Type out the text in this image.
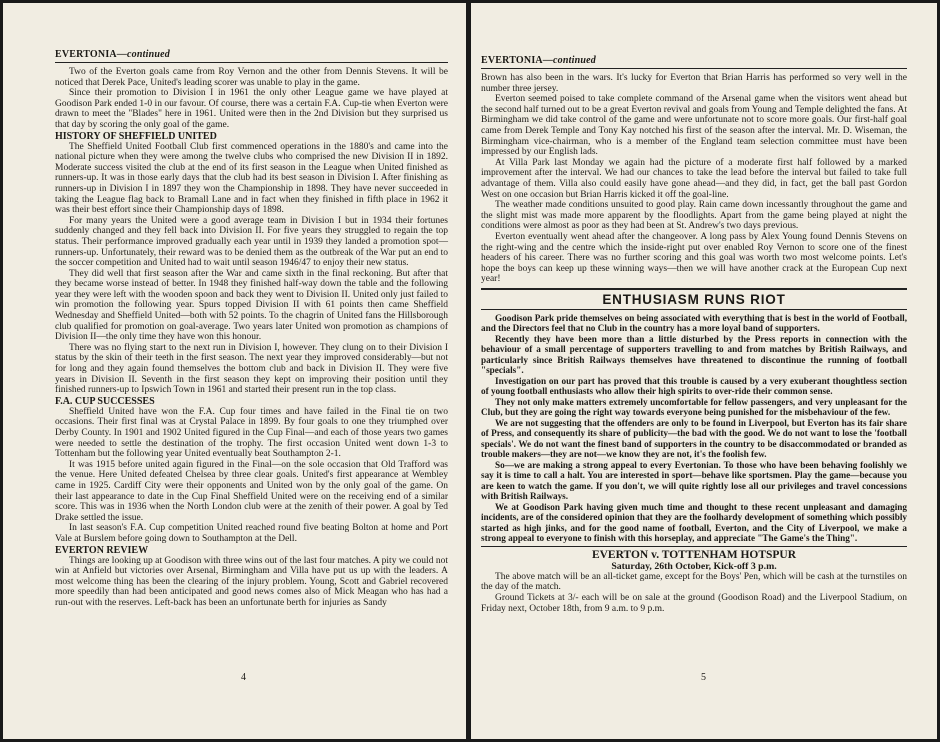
EVERTONIA—continued

Two of the Everton goals came from Roy Vernon and the other from Dennis Stevens. It will be noticed that Derek Pace, United's leading scorer was unable to play in the game.

Since their promotion to Division I in 1961 the only other League game we have played at Goodison Park ended 1-0 in our favour. Of course, there was a certain F.A. Cup-tie when Everton were drawn to meet the "Blades" here in 1961. United were then in the 2nd Division but they surprised us that day by scoring the only goal of the game.

HISTORY OF SHEFFIELD UNITED

The Sheffield United Football Club first commenced operations in the 1880's and came into the national picture when they were among the twelve clubs who comprised the new Division II in 1892. Moderate success visited the club at the end of its first season in the League when United finished as runners-up. It was in those early days that the club had its best season in Division I. After finishing as runners-up in Division I in 1897 they won the Championship in 1898. They have never succeeded in taking the League flag back to Bramall Lane and in fact when they finished in fifth place in 1962 it was their best effort since their Championship days of 1898.

For many years the United were a good average team in Division I but in 1934 their fortunes suddenly changed and they fell back into Division II. For five years they struggled to regain the top status. Their performance improved gradually each year until in 1939 they landed a promotion spot—runners-up. Unfortunately, their reward was to be denied them as the outbreak of the War put an end to the soccer competition and United had to wait until season 1946/47 to enjoy their new status.

They did well that first season after the War and came sixth in the final reckoning. But after that they became worse instead of better. In 1948 they finished half-way down the table and the following year they were left with the wooden spoon and back they went to Division II. United only just failed to win promotion the following year. Spurs topped Division II with 61 points then came Sheffield Wednesday and Sheffield United—both with 52 points. To the chagrin of United fans the Hillsborough club qualified for promotion on goal-average. Two years later United won promotion as champions of Division II—the only time they have won this honour.

There was no flying start to the next run in Division I, however. They clung on to their Division I status by the skin of their teeth in the first season. The next year they improved considerably—but not for long and they again found themselves the bottom club and back in Division II. They were five years in Division II. Seventh in the first season they kept on improving their position until they finished runners-up to Ipswich Town in 1961 and started their present run in the top class.

F.A. CUP SUCCESSES

Sheffield United have won the F.A. Cup four times and have failed in the Final tie on two occasions. Their first final was at Crystal Palace in 1899. By four goals to one they triumphed over Derby County. In 1901 and 1902 United figured in the Cup Final—and each of those years two games were needed to settle the destination of the trophy. The first occasion United went down 1-3 to Tottenham but the following year United eventually beat Southampton 2-1.

It was 1915 before united again figured in the Final—on the sole occasion that Old Trafford was the venue. Here United defeated Chelsea by three clear goals. United's first appearance at Wembley came in 1925. Cardiff City were their opponents and United won by the only goal of the game. On their last appearance to date in the Cup Final Sheffield United were on the receiving end of a similar score. This was in 1936 when the North London club were at the zenith of their power. A goal by Ted Drake settled the issue.

In last season's F.A. Cup competition United reached round five beating Bolton at home and Port Vale at Burslem before going down to Southampton at the Dell.

EVERTON REVIEW

Things are looking up at Goodison with three wins out of the last four matches. A pity we could not win at Anfield but victories over Arsenal, Birmingham and Villa have put us up with the leaders. A most welcome thing has been the clearing of the injury problem. Young, Scott and Gabriel recovered more speedily than had been anticipated and good news comes also of Mick Meagan who has had a run-out with the reserves. Left-back has been an unfortunate berth for injuries as Sandy

4
EVERTONIA—continued

Brown has also been in the wars. It's lucky for Everton that Brian Harris has performed so very well in the number three jersey.

Everton seemed poised to take complete command of the Arsenal game when the visitors went ahead but the second half turned out to be a great Everton revival and goals from Young and Temple delighted the fans. At Birmingham we did take control of the game and were unfortunate not to score more goals. Our first-half goal came from Derek Temple and Tony Kay notched his first of the season after the interval. Mr. D. Wiseman, the Birmingham vice-chairman, who is a member of the England team selection committee must have been impressed by our English lads.

At Villa Park last Monday we again had the picture of a moderate first half followed by a marked improvement after the interval. We had our chances to take the lead before the interval but failed to take full advantage of them. Villa also could easily have gone ahead—and they did, in fact, get the ball past Gordon West on one occasion but Brian Harris kicked it off the goal-line.

The weather made conditions unsuited to good play. Rain came down incessantly throughout the game and the slight mist was made more apparent by the floodlights. Apart from the game being played at night the conditions were almost as poor as they had been at St. Andrew's two days previous.

Everton eventually went ahead after the changeover. A long pass by Alex Young found Dennis Stevens on the right-wing and the centre which the inside-right put over enabled Roy Vernon to score one of the finest headers of his career. There was no further scoring and this goal was worth two most welcome points. Let's hope the boys can keep up these winning ways—then we will have another crack at the European Cup next year!

ENTHUSIASM RUNS RIOT

Goodison Park pride themselves on being associated with everything that is best in the world of Football, and the Directors feel that no Club in the country has a more loyal band of supporters.

Recently they have been more than a little disturbed by the Press reports in connection with the behaviour of a small percentage of supporters travelling to and from matches by British Railways, and particularly since British Railways themselves have threatened to discontinue the running of football "specials".

Investigation on our part has proved that this trouble is caused by a very exuberant thoughtless section of young football enthusiasts who allow their high spirits to over-ride their common sense.

They not only make matters extremely uncomfortable for fellow passengers, and very unpleasant for the Club, but they are going the right way towards everyone being punished for the misbehaviour of the few.

We are not suggesting that the offenders are only to be found in Liverpool, but Everton has its fair share of Press, and consequently its share of publicity—the bad with the good. We do not want to lose the 'football specials'. We do not want the finest band of supporters in the country to be disaccommodated or branded as trouble makers—they are not—we know they are not, it's the foolish few.

So—we are making a strong appeal to every Evertonian. To those who have been behaving foolishly we say it is time to call a halt. You are interested in sport—behave like sportsmen. Play the game—because you are keen to watch the game. If you don't, we will quite rightly lose all our privileges and travel concessions with British Railways.

We at Goodison Park having given much time and thought to these recent unpleasant and damaging incidents, are of the considered opinion that they are the foolhardy development of something which possibly started as high jinks, and for the good name of football, Everton, and the City of Liverpool, we make a strong appeal to everyone to finish with this horseplay, and appreciate "The Game's the Thing".

EVERTON v. TOTTENHAM HOTSPUR
Saturday, 26th October, Kick-off 3 p.m.

The above match will be an all-ticket game, except for the Boys' Pen, which will be cash at the turnstiles on the day of the match.

Ground Tickets at 3/- each will be on sale at the ground (Goodison Road) and the Liverpool Stadium, on Friday next, October 18th, from 9 a.m. to 9 p.m.

5
